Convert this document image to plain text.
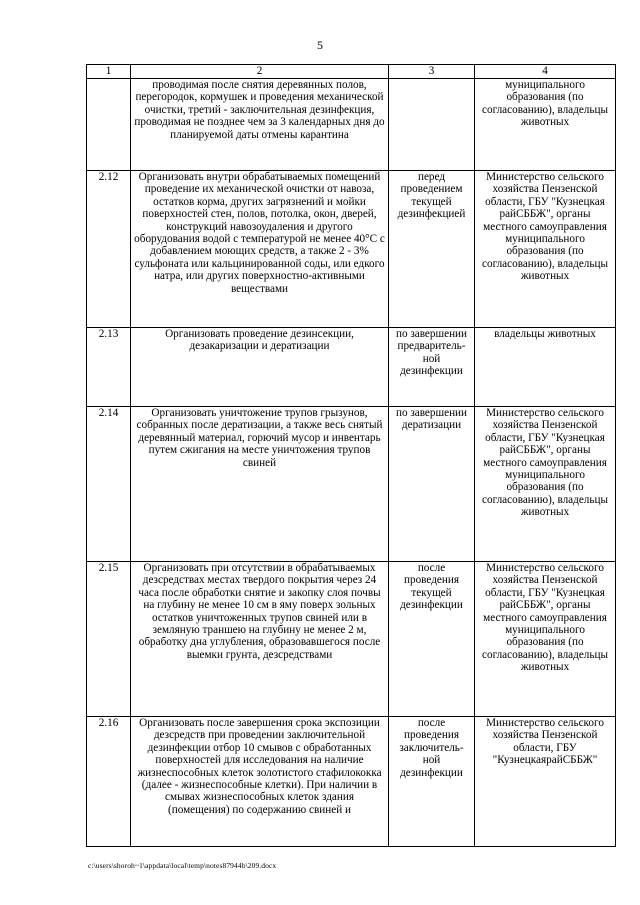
5
1	2	3	4
	проводимая после снятия деревянных полов, перегородок, кормушек и проведения механической очистки, третий - заключительная дезинфекция, проводимая не позднее чем за 3 календарных дня до планируемой даты отмены карантина		муниципального образования (по согласованию), владельцы животных
2.12	Организовать внутри обрабатываемых помещений проведение их механической очистки от навоза, остатков корма, других загрязнений и мойки поверхностей стен, полов, потолка, окон, дверей, конструкций навозоудаления и другого оборудования водой с температурой не менее 40°C с добавлением моющих средств, а также 2 - 3% сульфоната или кальцинированной соды, или едкого натра, или других поверхностно-активными веществами	перед проведением текущей дезинфекцией	Министерство сельского хозяйства Пензенской области, ГБУ "Кузнецкая райСББЖ", органы местного самоуправления муниципального образования (по согласованию), владельцы животных
2.13	Организовать проведение дезинсекции, дезакаризации и дератизации	по завершении предваритель-ной дезинфекции	владельцы животных
2.14	Организовать уничтожение трупов грызунов, собранных после дератизации, а также весь снятый деревянный материал, горючий мусор и инвентарь путем сжигания на месте уничтожения трупов свиней	по завершении дератизации	Министерство сельского хозяйства Пензенской области, ГБУ "Кузнецкая райСББЖ", органы местного самоуправления муниципального образования (по согласованию), владельцы животных
2.15	Организовать при отсутствии в обрабатываемых дезсредствах местах твердого покрытия через 24 часа после обработки снятие и закопку слоя почвы на глубину не менее 10 см в яму поверх зольных остатков уничтоженных трупов свиней или в земляную траншею на глубину не менее 2 м, обработку дна углубления, образовавшегося после выемки грунта, дезсредствами	после проведения текущей дезинфекции	Министерство сельского хозяйства Пензенской области, ГБУ "Кузнецкая райСББЖ", органы местного самоуправления муниципального образования (по согласованию), владельцы животных
2.16	Организовать после завершения срока экспозиции дезсредств при проведении заключительной дезинфекции отбор 10 смывов с обработанных поверхностей для исследования на наличие жизнеспособных клеток золотистого стафилококка (далее - жизнеспособные клетки). При наличии в смывах жизнеспособных клеток здания (помещения) по содержанию свиней и	после проведения заключитель-ной дезинфекции	Министерство сельского хозяйства Пензенской области, ГБУ "КузнецкаярайСББЖ"
c:\users\shoroh~1\appdata\local\temp\notes87944b\209.docx
